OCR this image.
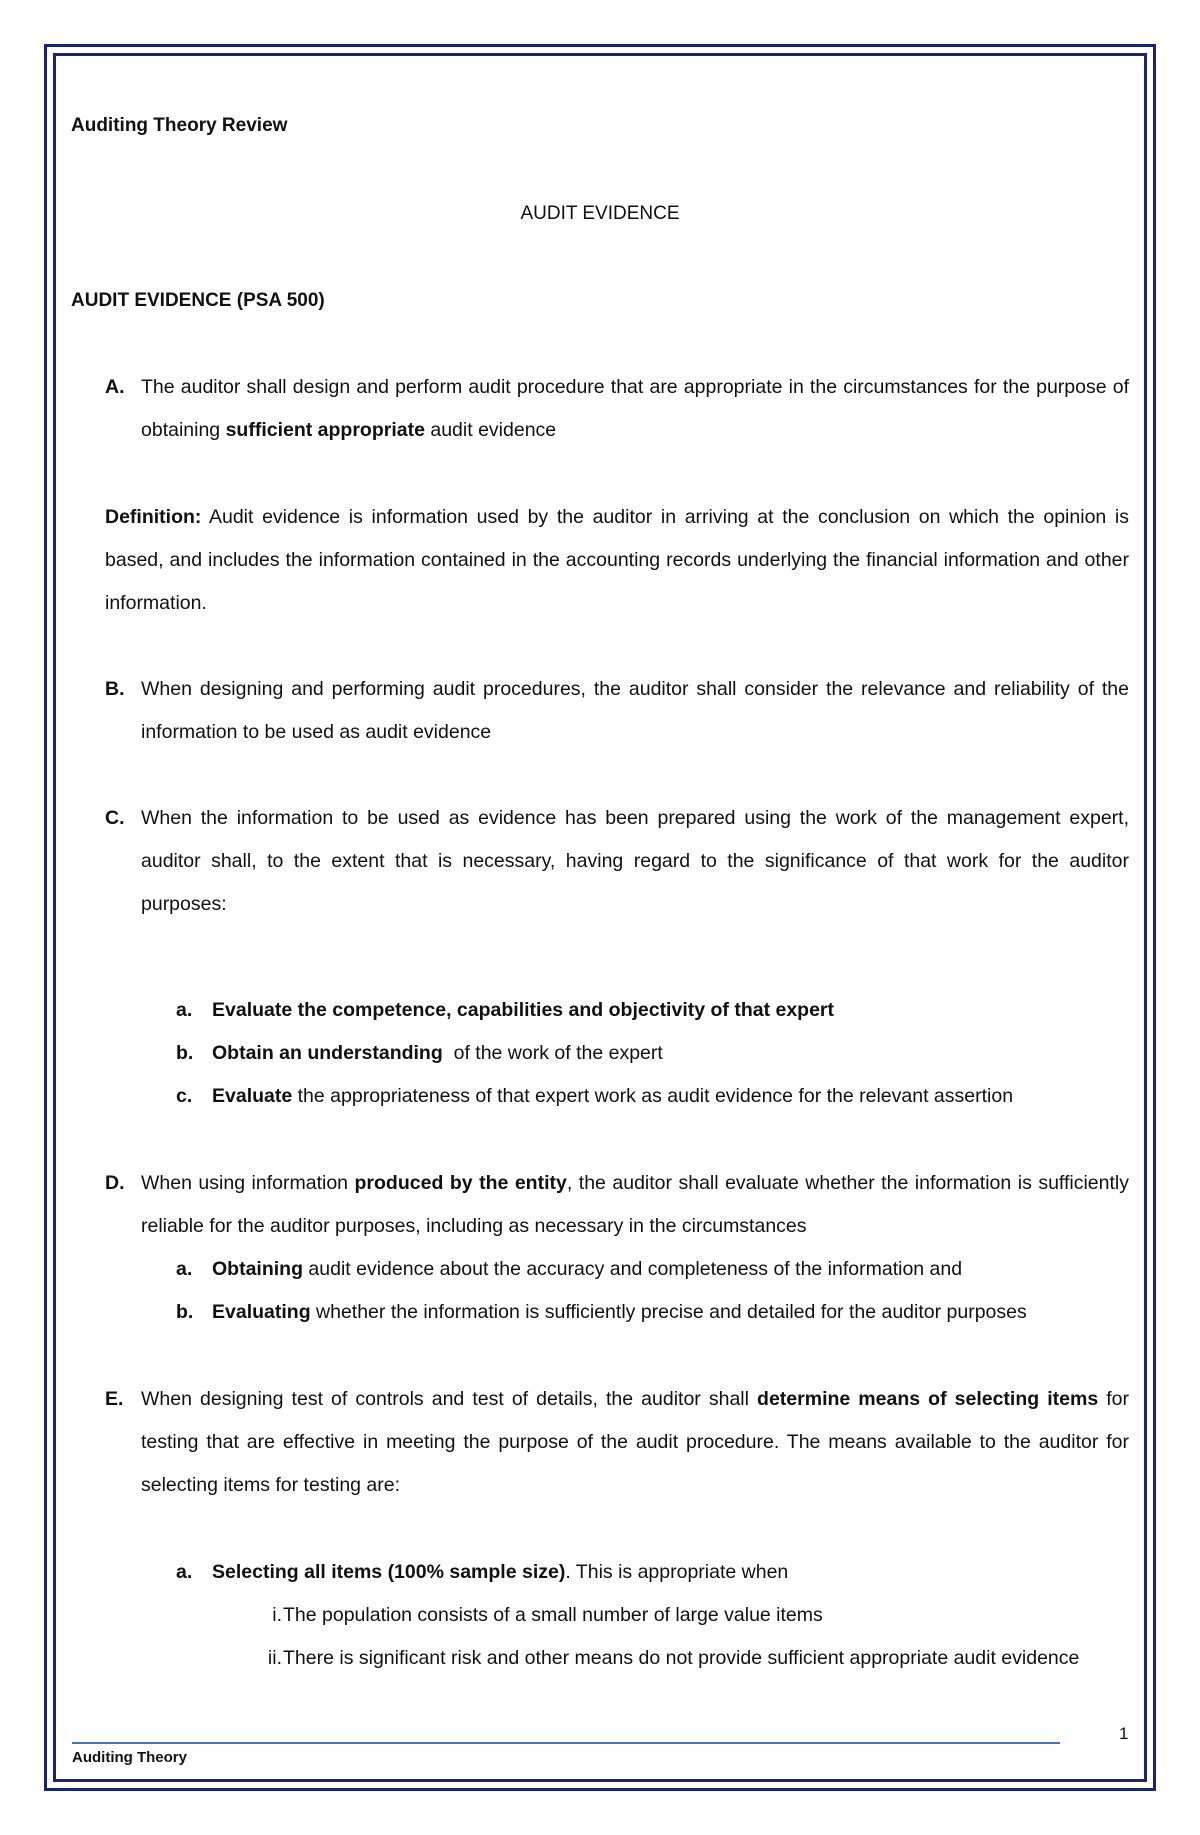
Auditing Theory Review
AUDIT EVIDENCE
AUDIT EVIDENCE (PSA 500)
A. The auditor shall design and perform audit procedure that are appropriate in the circumstances for the purpose of obtaining sufficient appropriate audit evidence
Definition: Audit evidence is information used by the auditor in arriving at the conclusion on which the opinion is based, and includes the information contained in the accounting records underlying the financial information and other information.
B. When designing and performing audit procedures, the auditor shall consider the relevance and reliability of the information to be used as audit evidence
C. When the information to be used as evidence has been prepared using the work of the management expert, auditor shall, to the extent that is necessary, having regard to the significance of that work for the auditor purposes:
a. Evaluate the competence, capabilities and objectivity of that expert
b. Obtain an understanding  of the work of the expert
c. Evaluate the appropriateness of that expert work as audit evidence for the relevant assertion
D. When using information produced by the entity, the auditor shall evaluate whether the information is sufficiently reliable for the auditor purposes, including as necessary in the circumstances
a. Obtaining audit evidence about the accuracy and completeness of the information and
b. Evaluating whether the information is sufficiently precise and detailed for the auditor purposes
E. When designing test of controls and test of details, the auditor shall determine means of selecting items for testing that are effective in meeting the purpose of the audit procedure. The means available to the auditor for selecting items for testing are:
a. Selecting all items (100% sample size). This is appropriate when
i. The population consists of a small number of large value items
ii. There is significant risk and other means do not provide sufficient appropriate audit evidence
1
Auditing Theory
